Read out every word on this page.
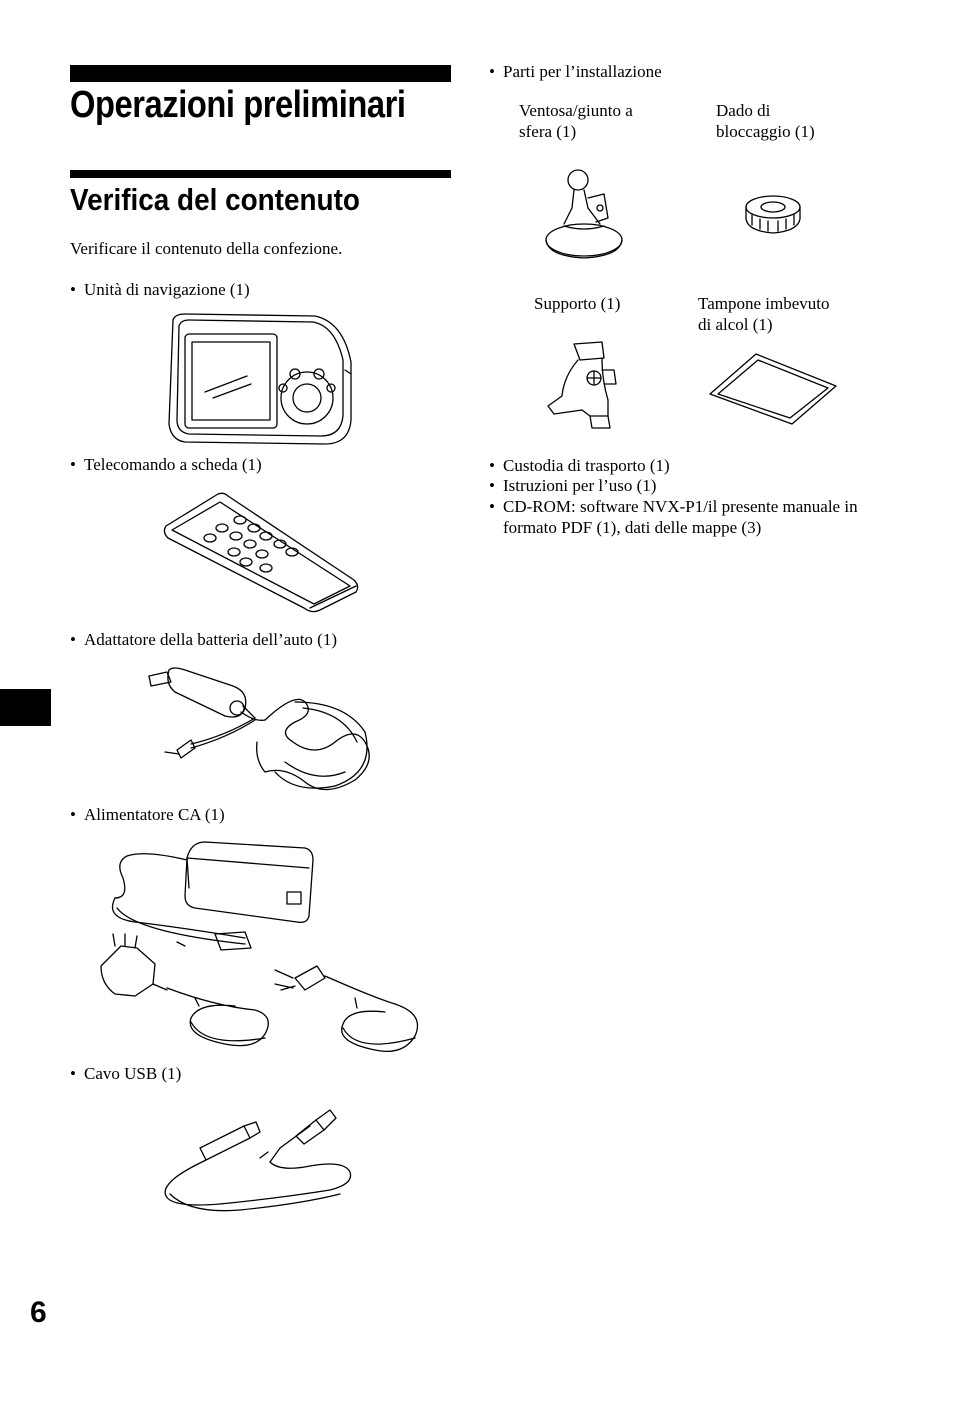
Operazioni preliminari
Verifica del contenuto
Verificare il contenuto della confezione.
• Unità di navigazione (1)
• Telecomando a scheda (1)
• Adattatore della batteria dell’auto (1)
• Alimentatore CA (1)
• Cavo USB (1)
• Parti per l’installazione
Ventosa/giunto a
sfera (1)
Dado di
bloccaggio (1)
Supporto (1)	Tampone imbevuto
di alcol (1)
• Custodia di trasporto (1)
• Istruzioni per l’uso (1)
• CD-ROM: software NVX-P1/il presente manuale in formato PDF (1), dati delle mappe (3)
6
